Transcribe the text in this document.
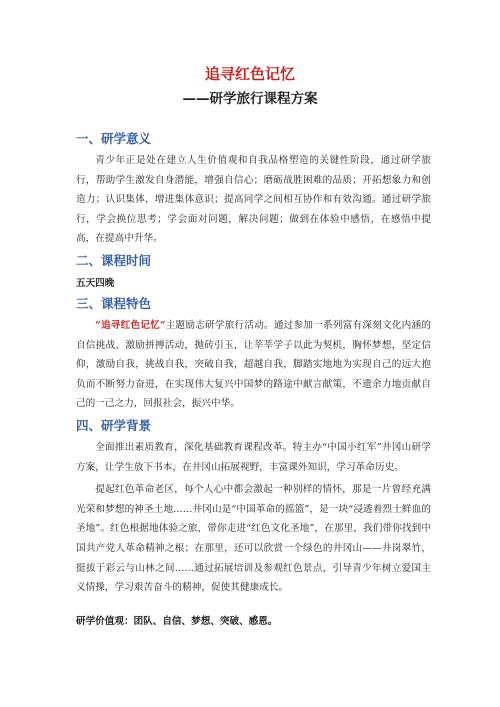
追寻红色记忆
——研学旅行课程方案
一、研学意义

青少年正是处在建立人生价值观和自我品格塑造的关键性阶段，通过研学旅行，帮助学生激发自身潜能，增强自信心；磨砺战胜困难的品质；开拓想象力和创造力；认识集体，增进集体意识；提高同学之间相互协作和有效沟通。通过研学旅行，学会换位思考；学会面对问题，解决问题；做到在体验中感悟，在感悟中提高，在提高中升华。

二、课程时间
五天四晚
三、课程特色

“追寻红色记忆”主题励志研学旅行活动。通过参加一系列富有深刻文化内涵的自信挑战、激励拼搏活动，抛砖引玉，让莘莘学子以此为契机，胸怀梦想，坚定信仰，激励自我，挑战自我，突破自我，超越自我，脚踏实地地为实现自己的远大抱负而不断努力奋进，在实现伟大复兴中国梦的路途中献言献策，不遗余力地贡献自己的一己之力，回报社会，振兴中华。

四、研学背景

全面推出素质教育，深化基础教育课程改革。特主办“中国小红军”井冈山研学方案，让学生放下书本，在井冈山拓展视野，丰富课外知识，学习革命历史。

提起红色革命老区，每个人心中都会激起一种别样的情怀，那是一片曾经充满光荣和梦想的神圣土地……井冈山是“中国革命的摇篮”，是一块“浸透着烈士鲜血的圣地”。红色根据地体验之旅，带你走进“红色文化圣地”，在那里，我们带你找到中国共产党人革命精神之根；在那里，还可以欣赏一个绿色的井冈山——井岗翠竹，挺拔于彩云与山林之间……通过拓展培训及参观红色景点，引导青少年树立爱国主义情操，学习艰苦奋斗的精神，促使其健康成长。

研学价值观：团队、自信、梦想、突破、感恩。
